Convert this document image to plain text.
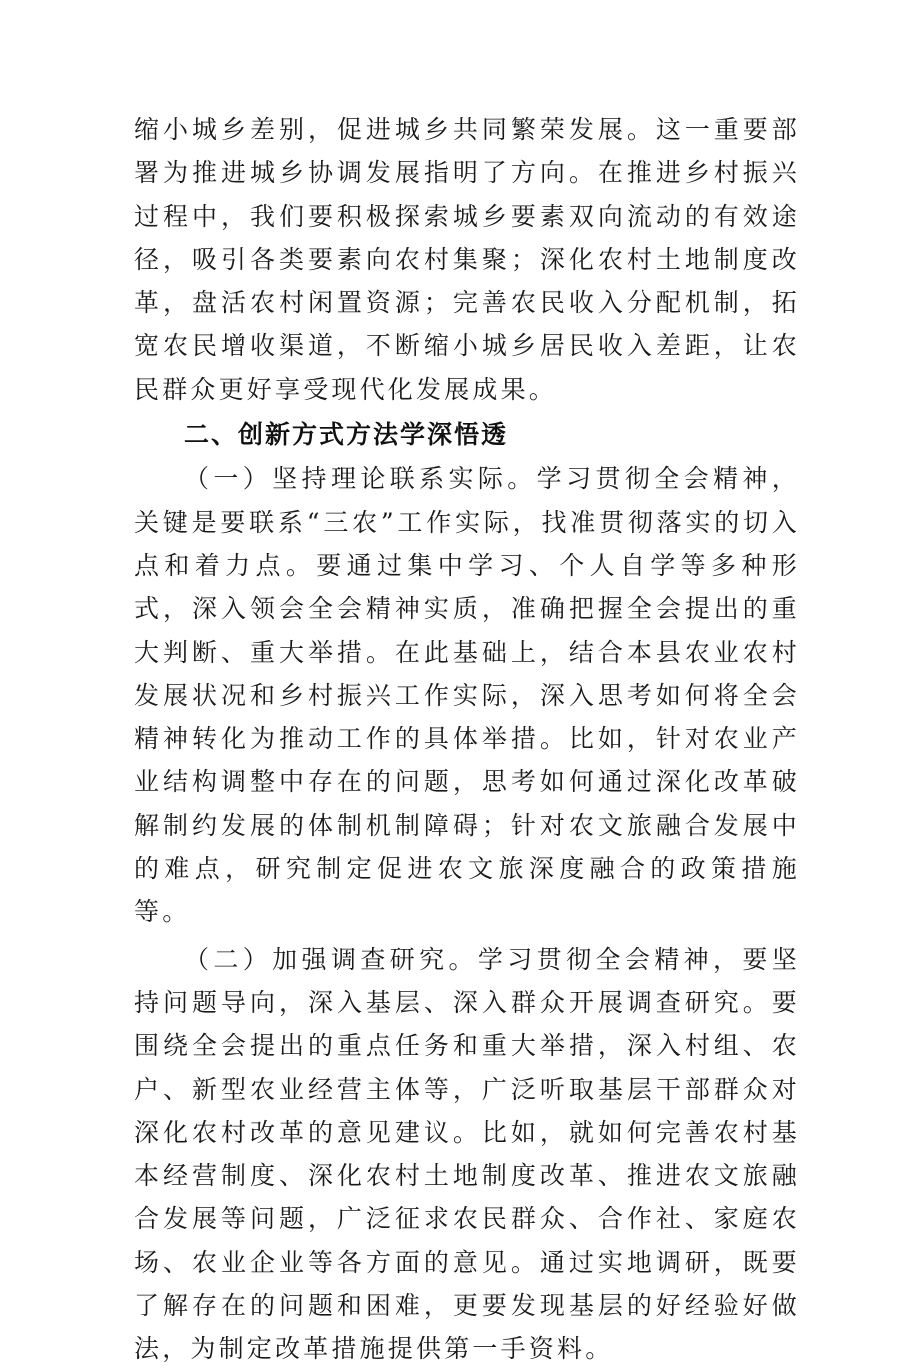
缩小城乡差别，促进城乡共同繁荣发展。这一重要部署为推进城乡协调发展指明了方向。在推进乡村振兴过程中，我们要积极探索城乡要素双向流动的有效途径，吸引各类要素向农村集聚；深化农村土地制度改革，盘活农村闲置资源；完善农民收入分配机制，拓宽农民增收渠道，不断缩小城乡居民收入差距，让农民群众更好享受现代化发展成果。

二、创新方式方法学深悟透

（一）坚持理论联系实际。学习贯彻全会精神，关键是要联系“三农”工作实际，找准贯彻落实的切入点和着力点。要通过集中学习、个人自学等多种形式，深入领会全会精神实质，准确把握全会提出的重大判断、重大举措。在此基础上，结合本县农业农村发展状况和乡村振兴工作实际，深入思考如何将全会精神转化为推动工作的具体举措。比如，针对农业产业结构调整中存在的问题，思考如何通过深化改革破解制约发展的体制机制障碍；针对农文旅融合发展中的难点，研究制定促进农文旅深度融合的政策措施等。

（二）加强调查研究。学习贯彻全会精神，要坚持问题导向，深入基层、深入群众开展调查研究。要围绕全会提出的重点任务和重大举措，深入村组、农户、新型农业经营主体等，广泛听取基层干部群众对深化农村改革的意见建议。比如，就如何完善农村基本经营制度、深化农村土地制度改革、推进农文旅融合发展等问题，广泛征求农民群众、合作社、家庭农场、农业企业等各方面的意见。通过实地调研，既要了解存在的问题和困难，更要发现基层的好经验好做法，为制定改革措施提供第一手资料。
